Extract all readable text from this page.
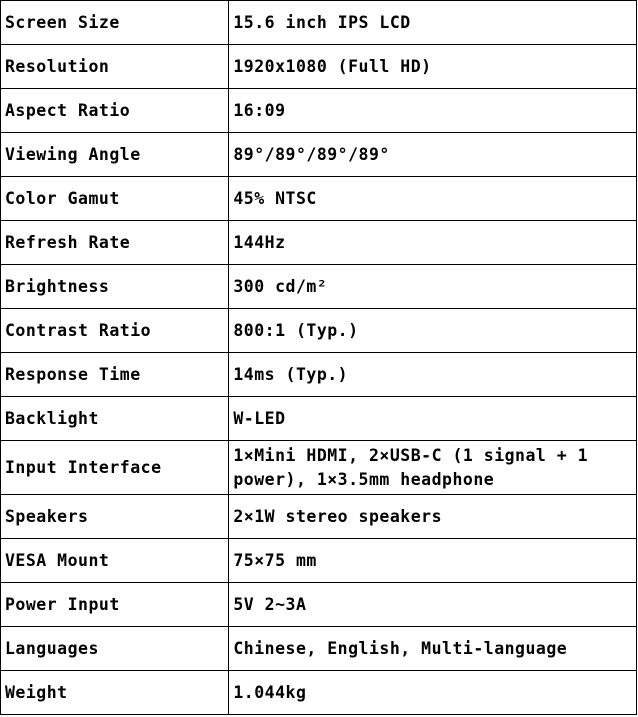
Screen Size	15.6 inch IPS LCD
Resolution	1920x1080 (Full HD)
Aspect Ratio	16:09
Viewing Angle	89°/89°/89°/89°
Color Gamut	45% NTSC
Refresh Rate	144Hz
Brightness	300 cd/m²
Contrast Ratio	800:1 (Typ.)
Response Time	14ms (Typ.)
Backlight	W-LED
Input Interface	1×Mini HDMI, 2×USB-C (1 signal + 1 power), 1×3.5mm headphone
Speakers	2×1W stereo speakers
VESA Mount	75×75 mm
Power Input	5V 2~3A
Languages	Chinese, English, Multi-language
Weight	1.044kg
